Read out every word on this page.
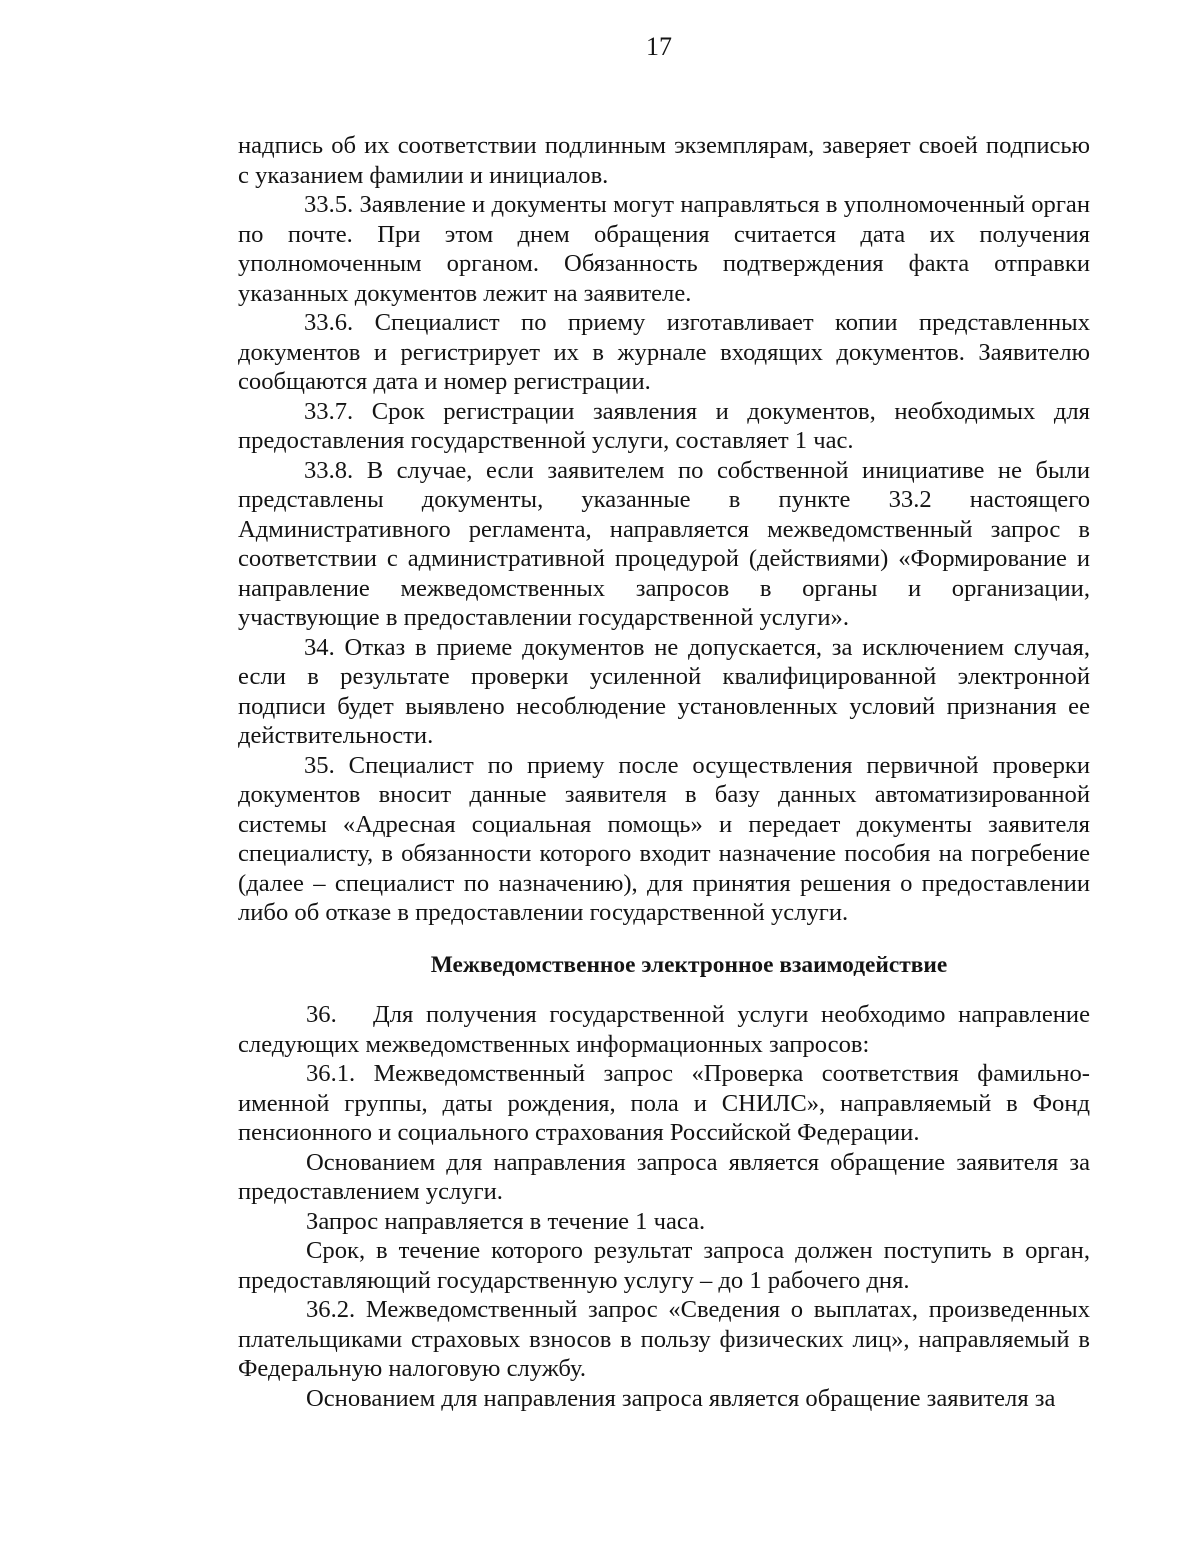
17

надпись об их соответствии подлинным экземплярам, заверяет своей подписью с указанием фамилии и инициалов.

33.5. Заявление и документы могут направляться в уполномоченный орган по почте. При этом днем обращения считается дата их получения уполномоченным органом. Обязанность подтверждения факта отправки указанных документов лежит на заявителе.

33.6. Специалист по приему изготавливает копии представленных документов и регистрирует их в журнале входящих документов. Заявителю сообщаются дата и номер регистрации.

33.7. Срок регистрации заявления и документов, необходимых для предоставления государственной услуги, составляет 1 час.

33.8. В случае, если заявителем по собственной инициативе не были представлены документы, указанные в пункте 33.2 настоящего Административного регламента, направляется межведомственный запрос в соответствии с административной процедурой (действиями) «Формирование и направление межведомственных запросов в органы и организации, участвующие в предоставлении государственной услуги».

34. Отказ в приеме документов не допускается, за исключением случая, если в результате проверки усиленной квалифицированной электронной подписи будет выявлено несоблюдение установленных условий признания ее действительности.

35. Специалист по приему после осуществления первичной проверки документов вносит данные заявителя в базу данных автоматизированной системы «Адресная социальная помощь» и передает документы заявителя специалисту, в обязанности которого входит назначение пособия на погребение (далее – специалист по назначению), для принятия решения о предоставлении либо об отказе в предоставлении государственной услуги.

Межведомственное электронное взаимодействие

36. Для получения государственной услуги необходимо направление следующих межведомственных информационных запросов:

36.1. Межведомственный запрос «Проверка соответствия фамильно-именной группы, даты рождения, пола и СНИЛС», направляемый в Фонд пенсионного и социального страхования Российской Федерации.

Основанием для направления запроса является обращение заявителя за предоставлением услуги.

Запрос направляется в течение 1 часа.

Срок, в течение которого результат запроса должен поступить в орган, предоставляющий государственную услугу – до 1 рабочего дня.

36.2. Межведомственный запрос «Сведения о выплатах, произведенных плательщиками страховых взносов в пользу физических лиц», направляемый в Федеральную налоговую службу.

Основанием для направления запроса является обращение заявителя за
